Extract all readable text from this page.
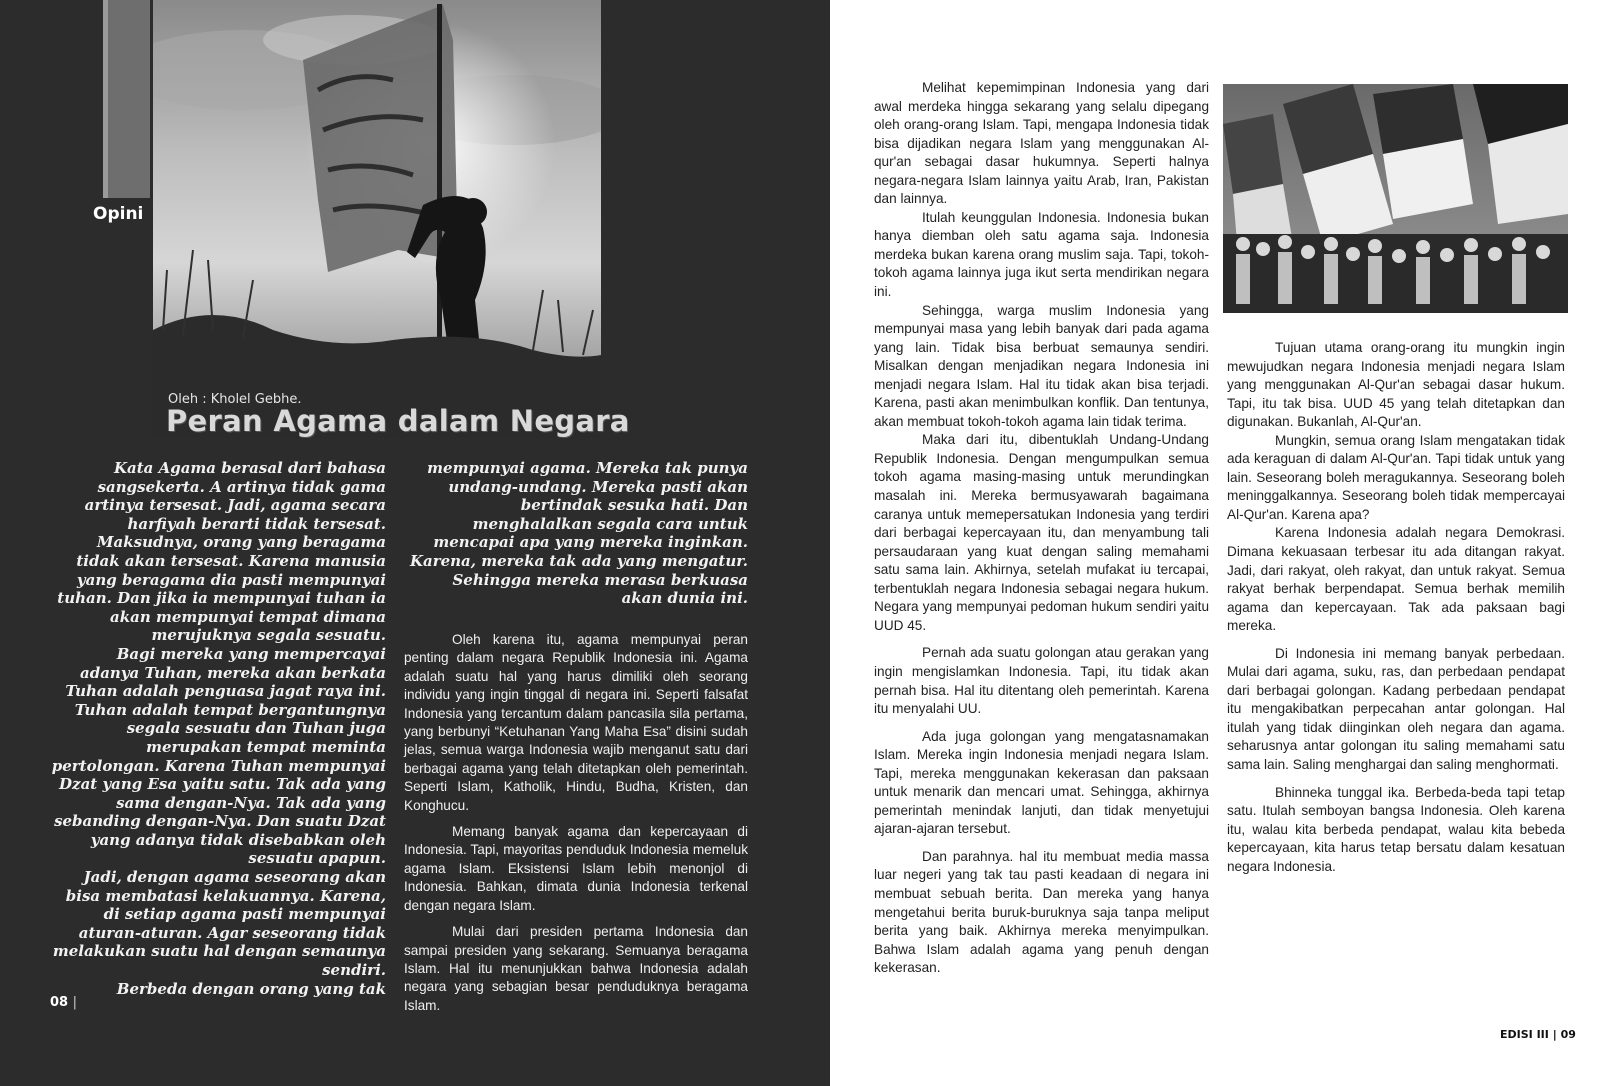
Opini
Oleh : Kholel Gebhe.
Peran Agama dalam Negara

Kata Agama berasal dari bahasa sangsekerta. A artinya tidak gama artinya tersesat. Jadi, agama secara harfiyah berarti tidak tersesat.

Maksudnya, orang yang beragama tidak akan tersesat. Karena manusia yang beragama dia pasti mempunyai tuhan. Dan jika ia mempunyai tuhan ia akan mempunyai tempat dimana merujuknya segala sesuatu.

Bagi mereka yang mempercayai adanya Tuhan, mereka akan berkata Tuhan adalah penguasa jagat raya ini. Tuhan adalah tempat bergantungnya segala sesuatu dan Tuhan juga merupakan tempat meminta pertolongan. Karena Tuhan mempunyai Dzat yang Esa yaitu satu. Tak ada yang sama dengan-Nya. Tak ada yang sebanding dengan-Nya. Dan suatu Dzat yang adanya tidak disebabkan oleh sesuatu apapun.

Jadi, dengan agama seseorang akan bisa membatasi kelakuannya. Karena, di setiap agama pasti mempunyai aturan-aturan. Agar seseorang tidak melakukan suatu hal dengan semaunya sendiri.

Berbeda dengan orang yang tak

mempunyai agama. Mereka tak punya undang-undang. Mereka pasti akan bertindak sesuka hati. Dan menghalalkan segala cara untuk mencapai apa yang mereka inginkan. Karena, mereka tak ada yang mengatur. Sehingga mereka merasa berkuasa akan dunia ini.

Oleh karena itu, agama mempunyai peran penting dalam negara Republik Indonesia ini. Agama adalah suatu hal yang harus dimiliki oleh seorang individu yang ingin tinggal di negara ini. Seperti falsafat Indonesia yang tercantum dalam pancasila sila pertama, yang berbunyi “Ketuhanan Yang Maha Esa” disini sudah jelas, semua warga Indonesia wajib menganut satu dari berbagai agama yang telah ditetapkan oleh pemerintah. Seperti Islam, Katholik, Hindu, Budha, Kristen, dan Konghucu.

Memang banyak agama dan kepercayaan di Indonesia. Tapi, mayoritas penduduk Indonesia memeluk agama Islam. Eksistensi Islam lebih menonjol di Indonesia. Bahkan, dimata dunia Indonesia terkenal dengan negara Islam.

Mulai dari presiden pertama Indonesia dan sampai presiden yang sekarang. Semuanya beragama Islam. Hal itu menunjukkan bahwa Indonesia adalah negara yang sebagian besar penduduknya beragama Islam.

08 |

Melihat kepemimpinan Indonesia yang dari awal merdeka hingga sekarang yang selalu dipegang oleh orang-orang Islam. Tapi, mengapa Indonesia tidak bisa dijadikan negara Islam yang menggunakan Al-qur'an sebagai dasar hukumnya. Seperti halnya negara-negara Islam lainnya yaitu Arab, Iran, Pakistan dan lainnya.

Itulah keunggulan Indonesia. Indonesia bukan hanya diemban oleh satu agama saja. Indonesia merdeka bukan karena orang muslim saja. Tapi, tokoh-tokoh agama lainnya juga ikut serta mendirikan negara ini.

Sehingga, warga muslim Indonesia yang mempunyai masa yang lebih banyak dari pada agama yang lain. Tidak bisa berbuat semaunya sendiri. Misalkan dengan menjadikan negara Indonesia ini menjadi negara Islam. Hal itu tidak akan bisa terjadi. Karena, pasti akan menimbulkan konflik. Dan tentunya, akan membuat tokoh-tokoh agama lain tidak terima.

Maka dari itu, dibentuklah Undang-Undang Republik Indonesia. Dengan mengumpulkan semua tokoh agama masing-masing untuk merundingkan masalah ini. Mereka bermusyawarah bagaimana caranya untuk memepersatukan Indonesia yang terdiri dari berbagai kepercayaan itu, dan menyambung tali persaudaraan yang kuat dengan saling memahami satu sama lain. Akhirnya, setelah mufakat iu tercapai, terbentuklah negara Indonesia sebagai negara hukum. Negara yang mempunyai pedoman hukum sendiri yaitu UUD 45.

Pernah ada suatu golongan atau gerakan yang ingin mengislamkan Indonesia. Tapi, itu tidak akan pernah bisa. Hal itu ditentang oleh pemerintah. Karena itu menyalahi UU.

Ada juga golongan yang mengatasnamakan Islam. Mereka ingin Indonesia menjadi negara Islam. Tapi, mereka menggunakan kekerasan dan paksaan untuk menarik dan mencari umat. Sehingga, akhirnya pemerintah menindak lanjuti, dan tidak menyetujui ajaran-ajaran tersebut.

Dan parahnya. hal itu membuat media massa luar negeri yang tak tau pasti keadaan di negara ini membuat sebuah berita. Dan mereka yang hanya mengetahui berita buruk-buruknya saja tanpa meliput berita yang baik. Akhirnya mereka menyimpulkan. Bahwa Islam adalah agama yang penuh dengan kekerasan.

Tujuan utama orang-orang itu mungkin ingin mewujudkan negara Indonesia menjadi negara Islam yang menggunakan Al-Qur'an sebagai dasar hukum. Tapi, itu tak bisa. UUD 45 yang telah ditetapkan dan digunakan. Bukanlah, Al-Qur'an.

Mungkin, semua orang Islam mengatakan tidak ada keraguan di dalam Al-Qur'an. Tapi tidak untuk yang lain. Seseorang boleh meragukannya. Seseorang boleh meninggalkannya. Seseorang boleh tidak mempercayai Al-Qur'an. Karena apa?

Karena Indonesia adalah negara Demokrasi. Dimana kekuasaan terbesar itu ada ditangan rakyat. Jadi, dari rakyat, oleh rakyat, dan untuk rakyat. Semua rakyat berhak berpendapat. Semua berhak memilih agama dan kepercayaan. Tak ada paksaan bagi mereka.

Di Indonesia ini memang banyak perbedaan. Mulai dari agama, suku, ras, dan perbedaan pendapat dari berbagai golongan. Kadang perbedaan pendapat itu mengakibatkan perpecahan antar golongan. Hal itulah yang tidak diinginkan oleh negara dan agama. seharusnya antar golongan itu saling memahami satu sama lain. Saling menghargai dan saling menghormati.

Bhinneka tunggal ika. Berbeda-beda tapi tetap satu. Itulah semboyan bangsa Indonesia. Oleh karena itu, walau kita berbeda pendapat, walau kita bebeda kepercayaan, kita harus tetap bersatu dalam kesatuan negara Indonesia.

EDISI III | 09
